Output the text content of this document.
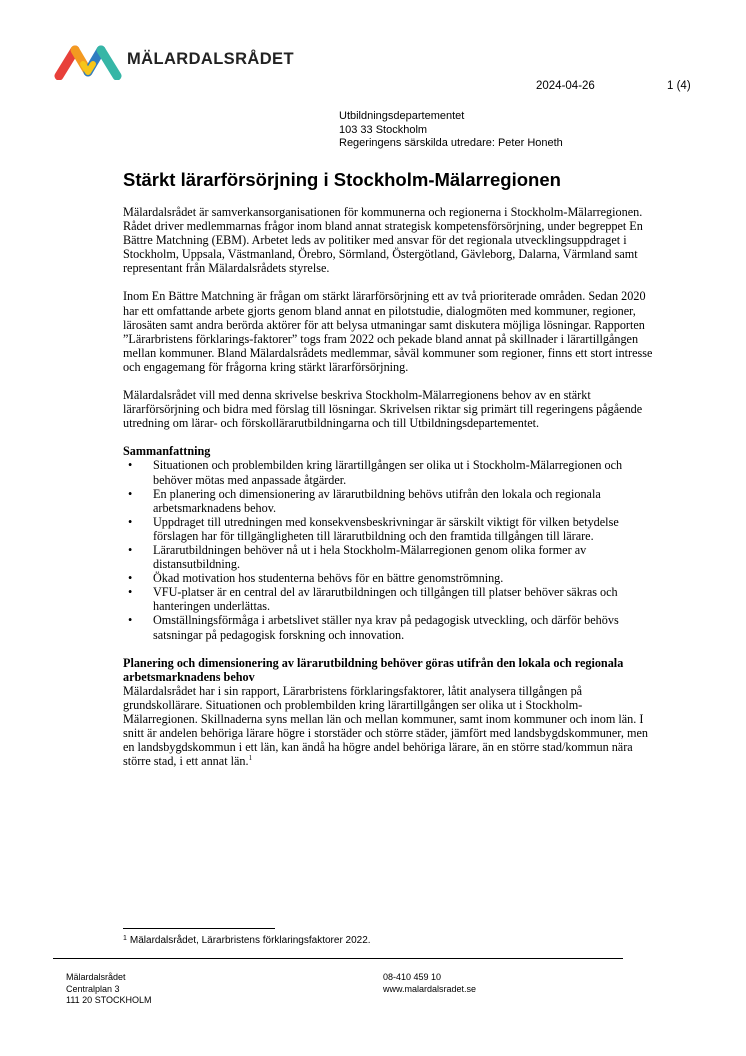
MÄLARDALSRÅDET
2024-04-26	1 (4)
Utbildningsdepartementet
103 33 Stockholm
Regeringens särskilda utredare: Peter Honeth
Stärkt lärarförsörjning i Stockholm-Mälarregionen

Mälardalsrådet är samverkansorganisationen för kommunerna och regionerna i Stockholm-Mälarregionen. Rådet driver medlemmarnas frågor inom bland annat strategisk kompetensförsörjning, under begreppet En Bättre Matchning (EBM). Arbetet leds av politiker med ansvar för det regionala utvecklingsuppdraget i Stockholm, Uppsala, Västmanland, Örebro, Sörmland, Östergötland, Gävleborg, Dalarna, Värmland samt representant från Mälardalsrådets styrelse.

Inom En Bättre Matchning är frågan om stärkt lärarförsörjning ett av två prioriterade områden. Sedan 2020 har ett omfattande arbete gjorts genom bland annat en pilotstudie, dialogmöten med kommuner, regioner, lärosäten samt andra berörda aktörer för att belysa utmaningar samt diskutera möjliga lösningar. Rapporten ”Lärarbristens förklarings-faktorer” togs fram 2022 och pekade bland annat på skillnader i lärartillgången mellan kommuner. Bland Mälardalsrådets medlemmar, såväl kommuner som regioner, finns ett stort intresse och engagemang för frågorna kring stärkt lärarförsörjning.

Mälardalsrådet vill med denna skrivelse beskriva Stockholm-Mälarregionens behov av en stärkt lärarförsörjning och bidra med förslag till lösningar. Skrivelsen riktar sig primärt till regeringens pågående utredning om lärar- och förskollärarutbildningarna och till Utbildningsdepartementet.

Sammanfattning

• Situationen och problembilden kring lärartillgången ser olika ut i Stockholm-Mälarregionen och behöver mötas med anpassade åtgärder.
• En planering och dimensionering av lärarutbildning behövs utifrån den lokala och regionala arbetsmarknadens behov.
• Uppdraget till utredningen med konsekvensbeskrivningar är särskilt viktigt för vilken betydelse förslagen har för tillgängligheten till lärarutbildning och den framtida tillgången till lärare.
• Lärarutbildningen behöver nå ut i hela Stockholm-Mälarregionen genom olika former av distansutbildning.
• Ökad motivation hos studenterna behövs för en bättre genomströmning.
• VFU-platser är en central del av lärarutbildningen och tillgången till platser behöver säkras och hanteringen underlättas.
• Omställningsförmåga i arbetslivet ställer nya krav på pedagogisk utveckling, och därför behövs satsningar på pedagogisk forskning och innovation.

Planering och dimensionering av lärarutbildning behöver göras utifrån den lokala och regionala arbetsmarknadens behov

Mälardalsrådet har i sin rapport, Lärarbristens förklaringsfaktorer, låtit analysera tillgången på grundskollärare. Situationen och problembilden kring lärartillgången ser olika ut i Stockholm-Mälarregionen. Skillnaderna syns mellan län och mellan kommuner, samt inom kommuner och inom län. I snitt är andelen behöriga lärare högre i storstäder och större städer, jämfört med landsbygdskommuner, men en landsbygdskommun i ett län, kan ändå ha högre andel behöriga lärare, än en större stad/kommun nära större stad, i ett annat län.$^1$

$^1$ Mälardalsrådet, Lärarbristens förklaringsfaktorer 2022.
Mälardalsrådet
Centralplan 3
111 20 STOCKHOLM
08-410 459 10
www.malardalsradet.se
